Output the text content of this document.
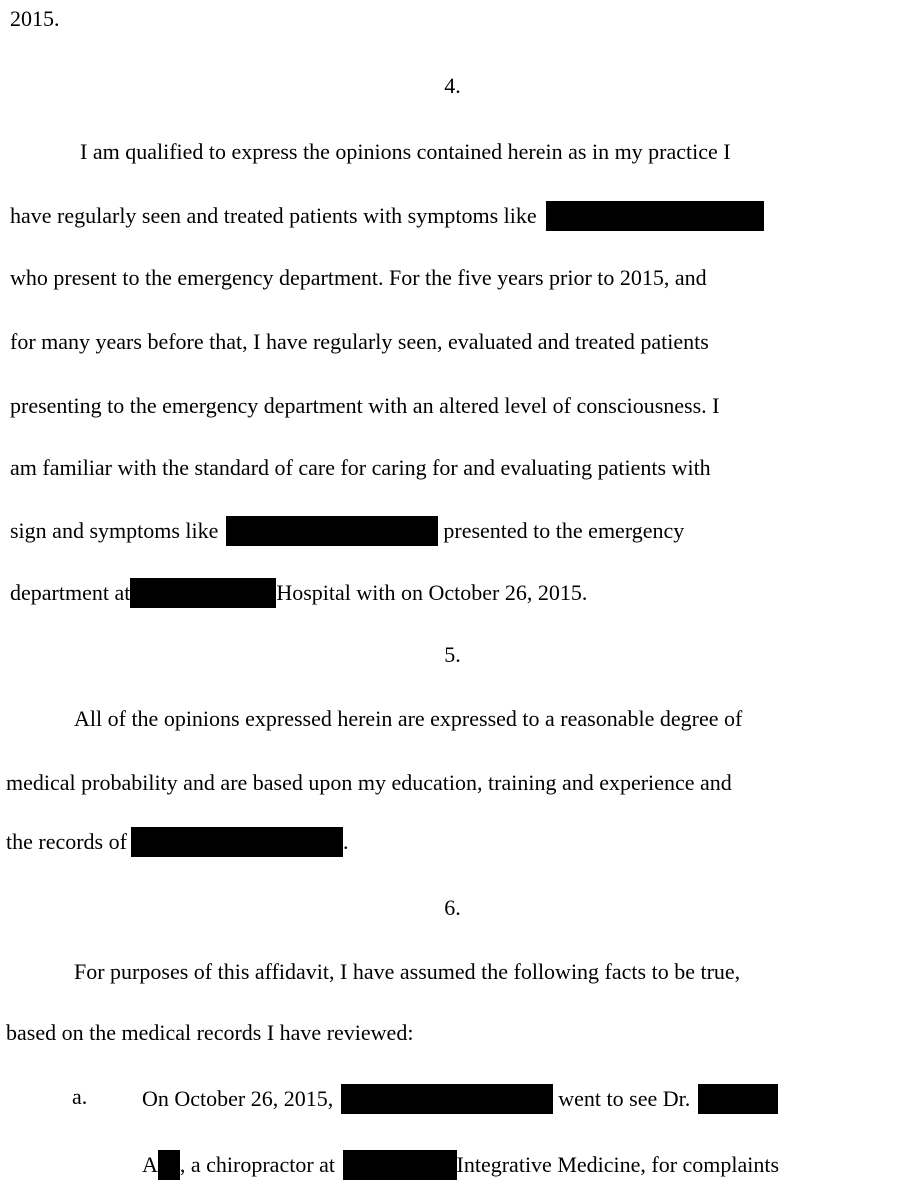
2015.
4.
I am qualified to express the opinions contained herein as in my practice I
have regularly seen and treated patients with symptoms like
who present to the emergency department. For the five years prior to 2015, and
for many years before that, I have regularly seen, evaluated and treated patients
presenting to the emergency department with an altered level of consciousness. I
am familiar with the standard of care for caring for and evaluating patients with
sign and symptoms like	presented to the emergency
department at	Hospital with on October 26, 2015.
5.
All of the opinions expressed herein are expressed to a reasonable degree of
medical probability and are based upon my education, training and experience and
the records of	.
6.
For purposes of this affidavit, I have assumed the following facts to be true,
based on the medical records I have reviewed:
a. On October 26, 2015,	went to see Dr.
A , a chiropractor at	Integrative Medicine, for complaints
